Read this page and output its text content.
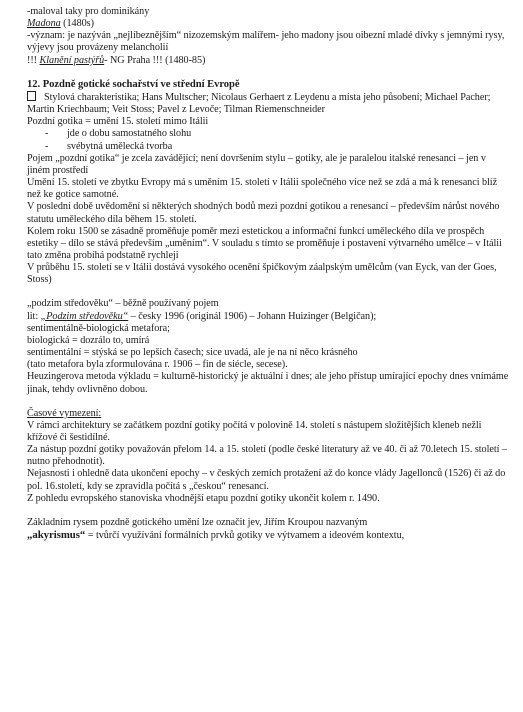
-maloval taky pro dominikány

Madona (1480s)

-význam: je nazýván „nejlíbeznějším“ nizozemským malířem- jeho madony jsou oibezní mladé dívky s jemnými rysy, výjevy jsou provázeny melancholií

!!! Klanění pastýřů- NG Praha !!! (1480-85)

12. Pozdně gotické sochařství ve střední Evropě

Stylová charakteristika; Hans Multscher; Nicolaus Gerhaert z Leydenu a místa jeho působení; Michael Pacher; Martin Kriechbaum; Veit Stoss; Pavel z Levoče; Tilman Riemenschneider

Pozdní gotika = umění 15. století mimo Itálii

- jde o dobu samostatného slohu

- svébytná umělecká tvorba

Pojem „pozdní gotika“ je zcela zavádějící; není dovršením stylu – gotiky, ale je paralelou italské renesanci – jen v jiném prostředí

Umění 15. století ve zbytku Evropy má s uměním 15. století v Itálii společného více než se zdá a má k renesanci blíž než ke gotice samotné.

V poslední době uvědomění si některých shodných bodů mezi pozdní gotikou a renesancí – především nárůst nového statutu uměleckého díla během 15. století.

Kolem roku 1500 se zásadně proměňuje poměr mezi estetickou a informační funkcí uměleckého díla ve prospěch estetiky – dílo se stává především „uměním“. V souladu s tímto se proměňuje i postavení výtvarného umělce – v Itálii tato změna probíhá podstatně rychleji

V průběhu 15. století se v Itálii dostává vysokého ocenění špičkovým záalpským umělcům (van Eyck, van der Goes, Stoss)

„podzim středověku“ – běžně používaný pojem

lit: „Podzim středověku“ – česky 1996 (originál 1906) – Johann Huizinger (Belgičan);

sentimentálně-biologická metafora;

biologická = dozrálo to, umírá

sentimentální = stýská se po lepších časech; sice uvadá, ale je na ní něco krásného

(tato metafora byla zformulována r. 1906 – fin de siécle, secese).

Heuzingerova metoda výkladu = kulturně-historický je aktuální i dnes; ale jeho přístup umírající epochy dnes vnímáme jinak, tehdy ovlivněno dobou.

Časové vymezení:

V rámci architektury se začátkem pozdní gotiky počítá v polovině 14. století s nástupem složitějších kleneb nežli křížové či šestidílné.

Za nástup pozdní gotiky považován přelom 14. a 15. století (podle české literatury až ve 40. či až 70.letech 15. století – nutno přehodnotit).

Nejasnosti i ohledně data ukončení epochy – v českých zemích protažení až do konce vlády Jagellonců (1526) či až do pol. 16.století, kdy se zpravidla počítá s „českou“ renesancí.

Z pohledu evropského stanoviska vhodnější etapu pozdní gotiky ukončit kolem r. 1490.

Základním rysem pozdně gotického umění lze označit jev, Jiřím Kroupou nazvaným
„akyrismus“ = tvůrčí využívání formálních prvků gotiky ve výtvamem a ideovém kontextu,
